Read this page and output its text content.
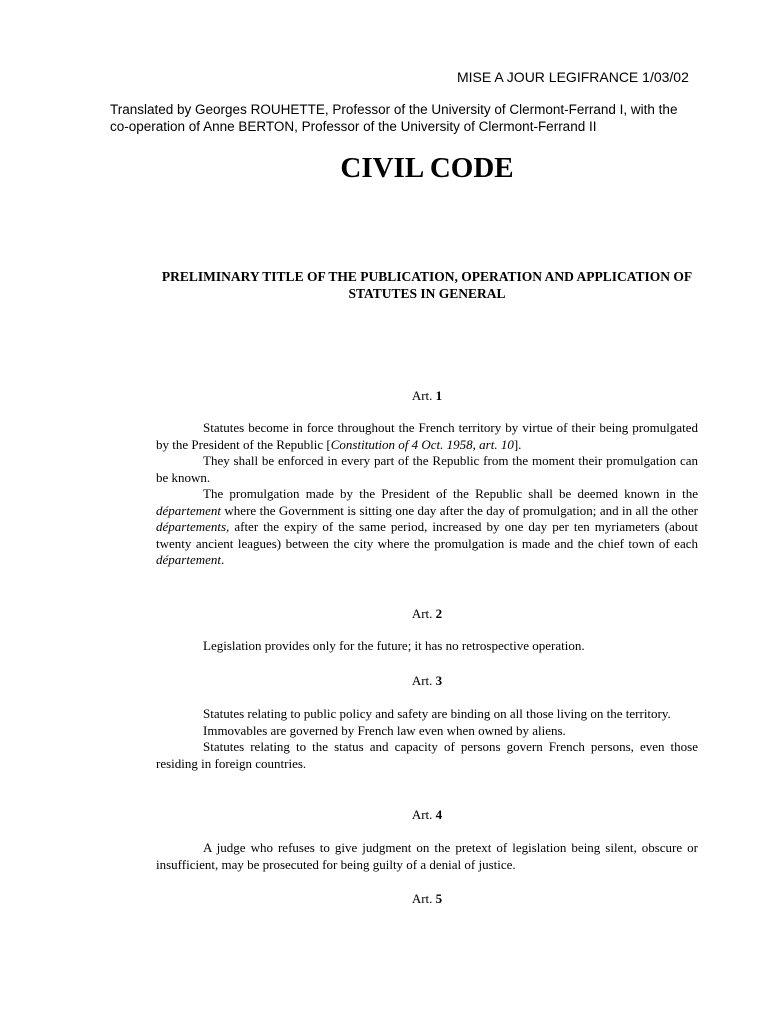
MISE A JOUR LEGIFRANCE 1/03/02
Translated by Georges ROUHETTE, Professor of the University of Clermont-Ferrand I, with the
co-operation of Anne BERTON, Professor of the University of Clermont-Ferrand II
CIVIL CODE
PRELIMINARY TITLE OF THE PUBLICATION, OPERATION AND APPLICATION OF
STATUTES IN GENERAL
Art. 1

Statutes become in force throughout the French territory by virtue of their being promulgated by the President of the Republic [Constitution of 4 Oct. 1958, art. 10].

They shall be enforced in every part of the Republic from the moment their promulgation can be known.

The promulgation made by the President of the Republic shall be deemed known in the département where the Government is sitting one day after the day of promulgation; and in all the other départements, after the expiry of the same period, increased by one day per ten myriameters (about twenty ancient leagues) between the city where the promulgation is made and the chief town of each département.

Art. 2

Legislation provides only for the future; it has no retrospective operation.

Art. 3

Statutes relating to public policy and safety are binding on all those living on the territory.

Immovables are governed by French law even when owned by aliens.

Statutes relating to the status and capacity of persons govern French persons, even those residing in foreign countries.

Art. 4

A judge who refuses to give judgment on the pretext of legislation being silent, obscure or insufficient, may be prosecuted for being guilty of a denial of justice.

Art. 5
